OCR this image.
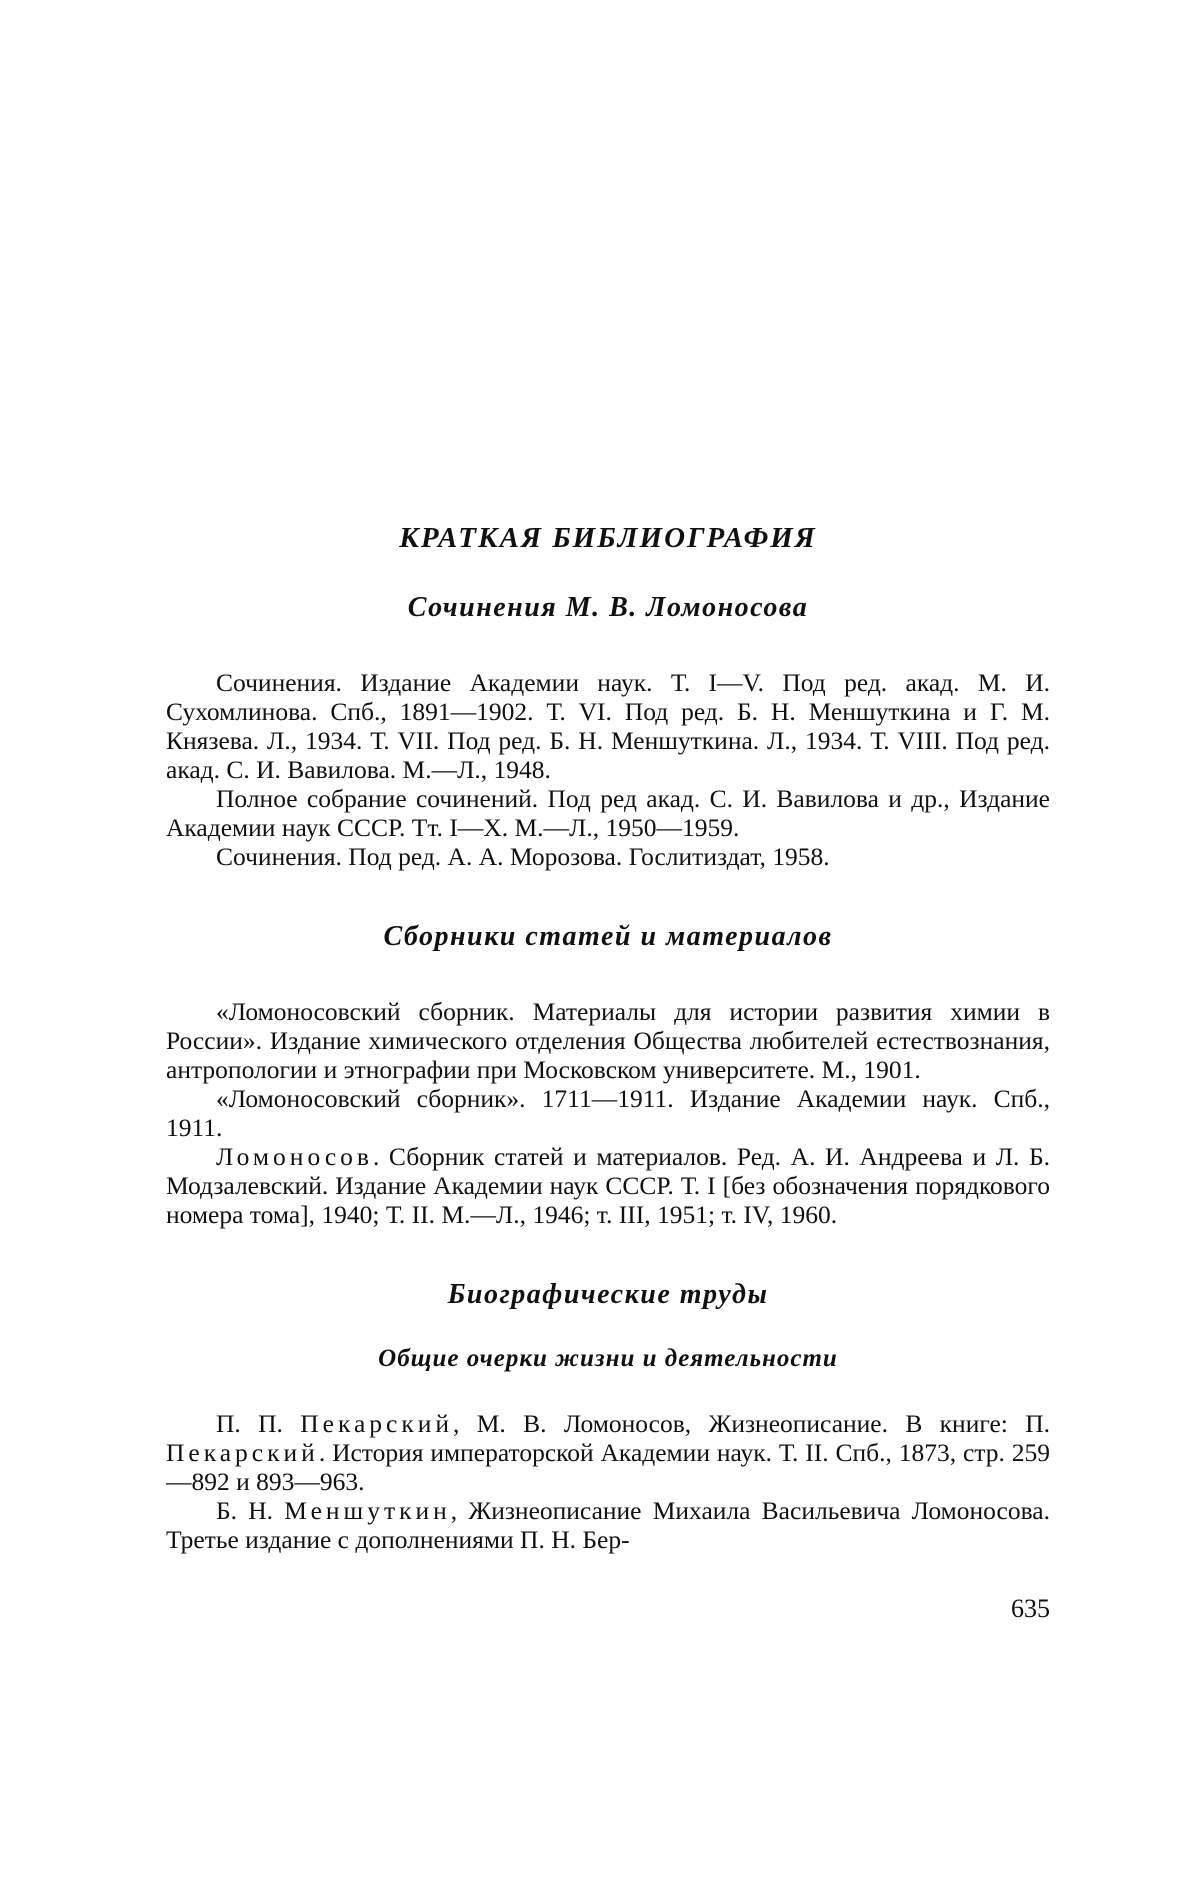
КРАТКАЯ БИБЛИОГРАФИЯ
Сочинения М. В. Ломоносова

Сочинения. Издание Академии наук. Т. I—V. Под ред. акад. М. И. Сухомлинова. Спб., 1891—1902. Т. VI. Под ред. Б. Н. Меншуткина и Г. М. Князева. Л., 1934. Т. VII. Под ред. Б. Н. Меншуткина. Л., 1934. Т. VIII. Под ред. акад. С. И. Вавилова. М.—Л., 1948.

Полное собрание сочинений. Под ред акад. С. И. Вавилова и др., Издание Академии наук СССР. Тт. I—X. М.—Л., 1950—1959.

Сочинения. Под ред. А. А. Морозова. Гослитиздат, 1958.

Сборники статей и материалов

«Ломоносовский сборник. Материалы для истории развития химии в России». Издание химического отделения Общества любителей естествознания, антропологии и этнографии при Московском университете. М., 1901.

«Ломоносовский сборник». 1711—1911. Издание Академии наук. Спб., 1911.

Ломоносов. Сборник статей и материалов. Ред. А. И. Андреева и Л. Б. Модзалевский. Издание Академии наук СССР. Т. I [без обозначения порядкового номера тома], 1940; Т. II. М.—Л., 1946; т. III, 1951; т. IV, 1960.

Биографические труды
Общие очерки жизни и деятельности

П. П. Пекарский, М. В. Ломоносов, Жизнеописание. В книге: П. Пекарский. История императорской Академии наук. Т. II. Спб., 1873, стр. 259—892 и 893—963.

Б. Н. Меншуткин, Жизнеописание Михаила Васильевича Ломоносова. Третье издание с дополнениями П. Н. Бер-

635
